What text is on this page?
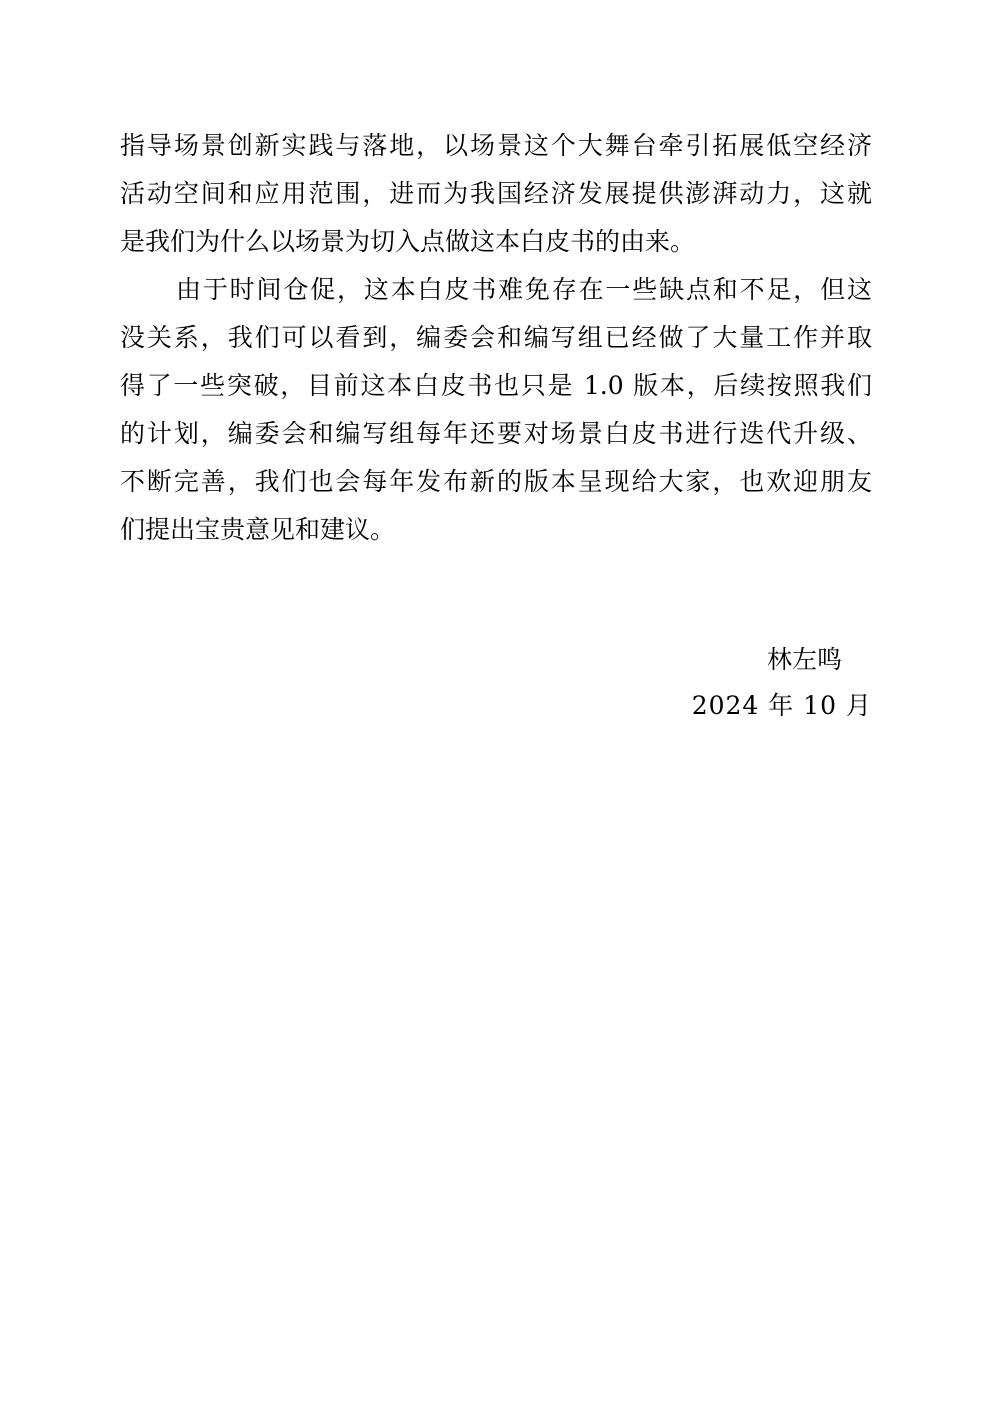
指导场景创新实践与落地，以场景这个大舞台牵引拓展低空经济
活动空间和应用范围，进而为我国经济发展提供澎湃动力，这就
是我们为什么以场景为切入点做这本白皮书的由来。
由于时间仓促，这本白皮书难免存在一些缺点和不足，但这
没关系，我们可以看到，编委会和编写组已经做了大量工作并取
得了一些突破，目前这本白皮书也只是 1.0 版本，后续按照我们
的计划，编委会和编写组每年还要对场景白皮书进行迭代升级、
不断完善，我们也会每年发布新的版本呈现给大家，也欢迎朋友
们提出宝贵意见和建议。
林左鸣
2024 年 10 月
